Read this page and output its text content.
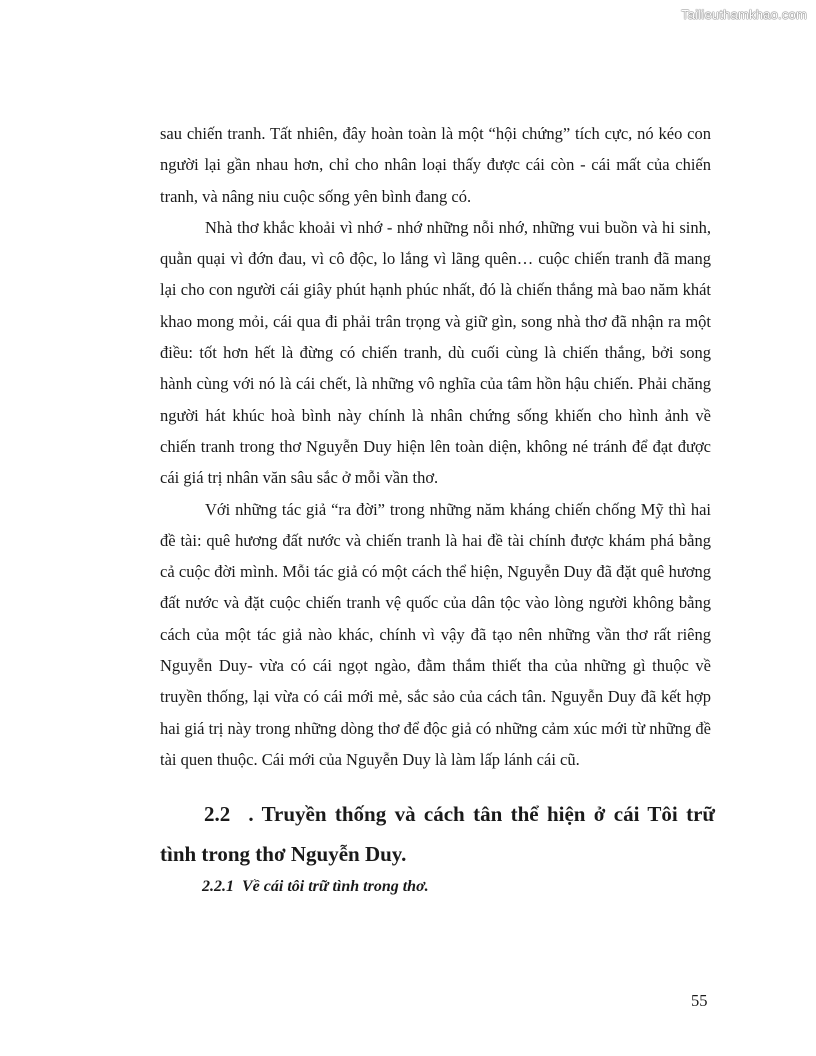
Tailieuthamkhao.com

sau chiến tranh. Tất nhiên, đây hoàn toàn là một “hội chứng” tích cực, nó kéo con người lại gần nhau hơn, chỉ cho nhân loại thấy được cái còn - cái mất của chiến tranh, và nâng niu cuộc sống yên bình đang có.

Nhà thơ khắc khoải vì nhớ - nhớ những nỗi nhớ, những vui buồn và hi sinh, quằn quại vì đớn đau, vì cô độc, lo lắng vì lãng quên… cuộc chiến tranh đã mang lại cho con người cái giây phút hạnh phúc nhất, đó là chiến thắng mà bao năm khát khao mong mỏi, cái qua đi phải trân trọng và giữ gìn, song nhà thơ đã nhận ra một điều: tốt hơn hết là đừng có chiến tranh, dù cuối cùng là chiến thắng, bởi song hành cùng với nó là cái chết, là những vô nghĩa của tâm hồn hậu chiến. Phải chăng người hát khúc hoà bình này chính là nhân chứng sống khiến cho hình ảnh về chiến tranh trong thơ Nguyễn Duy hiện lên toàn diện, không né tránh để đạt được cái giá trị nhân văn sâu sắc ở mỗi vần thơ.

Với những tác giả “ra đời” trong những năm kháng chiến chống Mỹ thì hai đề tài: quê hương đất nước và chiến tranh là hai đề tài chính được khám phá bằng cả cuộc đời mình. Mỗi tác giả có một cách thể hiện, Nguyễn Duy đã đặt quê hương đất nước và đặt cuộc chiến tranh vệ quốc của dân tộc vào lòng người không bằng cách của một tác giả nào khác, chính vì vậy đã tạo nên những vần thơ rất riêng Nguyễn Duy- vừa có cái ngọt ngào, đằm thắm thiết tha của những gì thuộc về truyền thống, lại vừa có cái mới mẻ, sắc sảo của cách tân. Nguyễn Duy đã kết hợp hai giá trị này trong những dòng thơ để độc giả có những cảm xúc mới từ những đề tài quen thuộc. Cái mới của Nguyễn Duy là làm lấp lánh cái cũ.

2.2 . Truyền thống và cách tân thể hiện ở cái Tôi trữ tình trong thơ Nguyễn Duy.
2.2.1 Về cái tôi trữ tình trong thơ.
55
